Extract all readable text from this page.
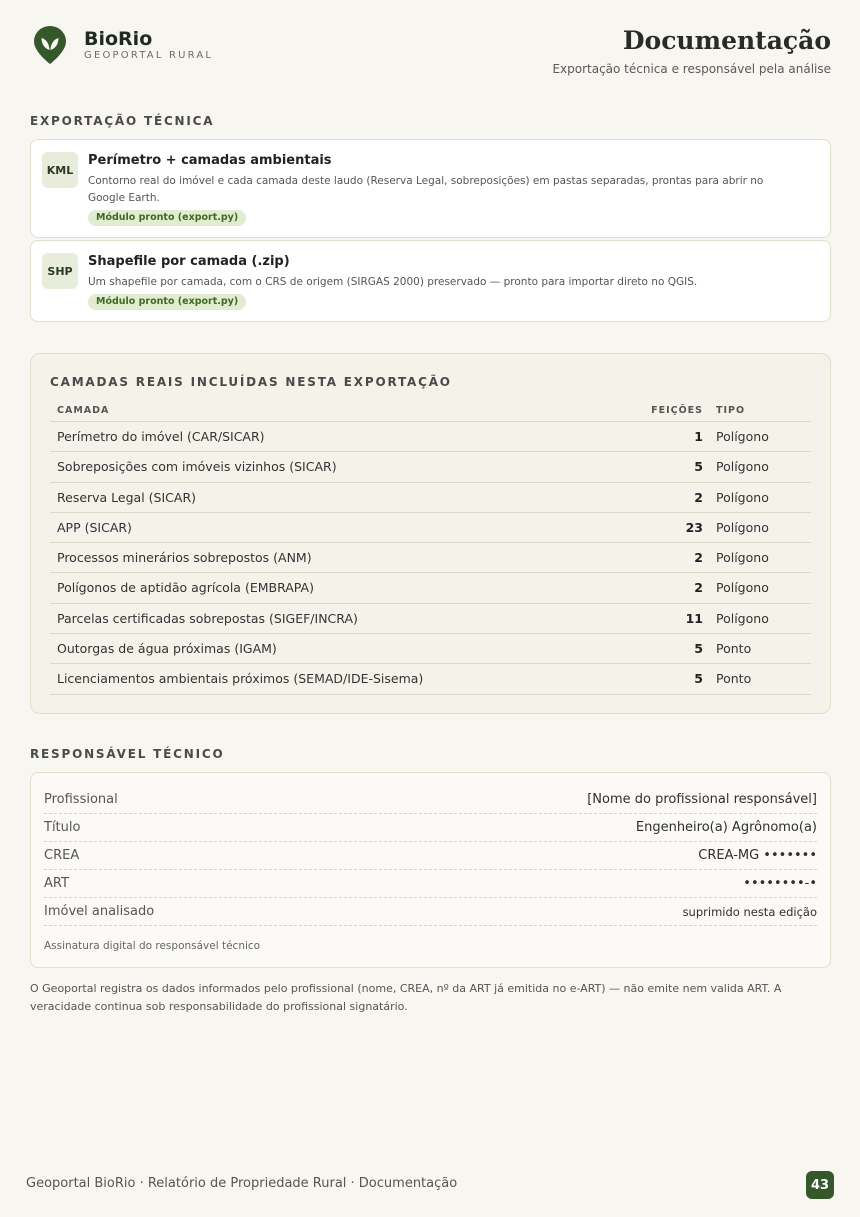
BioRio
GEOPORTAL RURAL
Documentação
Exportação técnica e responsável pela análise
EXPORTAÇÃO TÉCNICA
KML
Perímetro + camadas ambientais
Contorno real do imóvel e cada camada deste laudo (Reserva Legal, sobreposições) em pastas separadas, prontas para abrir no Google Earth.
Módulo pronto (export.py)
SHP
Shapefile por camada (.zip)
Um shapefile por camada, com o CRS de origem (SIRGAS 2000) preservado — pronto para importar direto no QGIS.
Módulo pronto (export.py)
CAMADAS REAIS INCLUÍDAS NESTA EXPORTAÇÃO
CAMADA	FEIÇÕES TIPO
Perímetro do imóvel (CAR/SICAR)	1 Polígono
Sobreposições com imóveis vizinhos (SICAR)	5 Polígono
Reserva Legal (SICAR)	2 Polígono
APP (SICAR)	23 Polígono
Processos minerários sobrepostos (ANM)	2 Polígono
Polígonos de aptidão agrícola (EMBRAPA)	2 Polígono
Parcelas certificadas sobrepostas (SIGEF/INCRA)	11 Polígono
Outorgas de água próximas (IGAM)	5 Ponto
Licenciamentos ambientais próximos (SEMAD/IDE-Sisema)	5 Ponto
RESPONSÁVEL TÉCNICO
Profissional	[Nome do profissional responsável]
Título	Engenheiro(a) Agrônomo(a)
CREA	CREA-MG •••••••
ART	••••••••-•
Imóvel analisado	suprimido nesta edição
Assinatura digital do responsável técnico
O Geoportal registra os dados informados pelo profissional (nome, CREA, nº da ART já emitida no e-ART) — não emite nem valida ART. A veracidade continua sob responsabilidade do profissional signatário.
Geoportal BioRio · Relatório de Propriedade Rural · Documentação	43
